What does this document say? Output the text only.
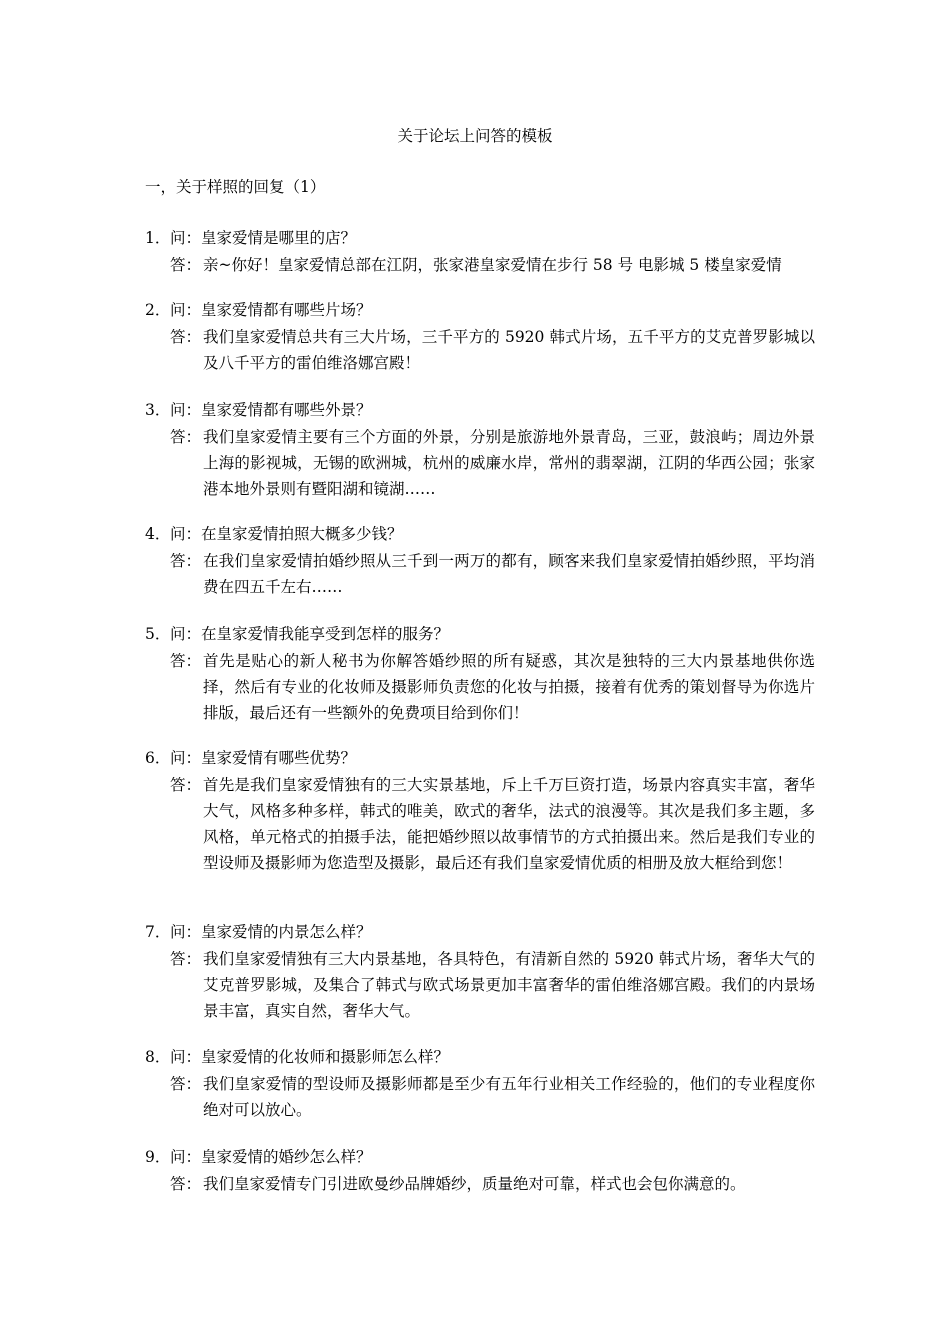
关于论坛上问答的模板
一，关于样照的回复（1）
1． 问：皇家爱情是哪里的店？
答： 亲~你好！皇家爱情总部在江阴，张家港皇家爱情在步行 58 号 电影城 5 楼皇家爱情
2． 问：皇家爱情都有哪些片场？
答： 我们皇家爱情总共有三大片场，三千平方的 5920 韩式片场，五千平方的艾克普罗影城以及八千平方的雷伯维洛娜宫殿！
3． 问：皇家爱情都有哪些外景？
答： 我们皇家爱情主要有三个方面的外景，分别是旅游地外景青岛，三亚，鼓浪屿；周边外景上海的影视城，无锡的欧洲城，杭州的威廉水岸，常州的翡翠湖，江阴的华西公园；张家港本地外景则有暨阳湖和镜湖……
4． 问：在皇家爱情拍照大概多少钱？
答： 在我们皇家爱情拍婚纱照从三千到一两万的都有，顾客来我们皇家爱情拍婚纱照，平均消费在四五千左右……
5． 问：在皇家爱情我能享受到怎样的服务？
答： 首先是贴心的新人秘书为你解答婚纱照的所有疑惑，其次是独特的三大内景基地供你选择，然后有专业的化妆师及摄影师负责您的化妆与拍摄，接着有优秀的策划督导为你选片排版，最后还有一些额外的免费项目给到你们！
6． 问：皇家爱情有哪些优势？
答： 首先是我们皇家爱情独有的三大实景基地，斥上千万巨资打造，场景内容真实丰富，奢华大气，风格多种多样，韩式的唯美，欧式的奢华，法式的浪漫等。其次是我们多主题，多风格，单元格式的拍摄手法，能把婚纱照以故事情节的方式拍摄出来。然后是我们专业的型设师及摄影师为您造型及摄影，最后还有我们皇家爱情优质的相册及放大框给到您！
7． 问：皇家爱情的内景怎么样？
答： 我们皇家爱情独有三大内景基地，各具特色，有清新自然的 5920 韩式片场，奢华大气的艾克普罗影城，及集合了韩式与欧式场景更加丰富奢华的雷伯维洛娜宫殿。我们的内景场景丰富，真实自然，奢华大气。
8． 问：皇家爱情的化妆师和摄影师怎么样？
答： 我们皇家爱情的型设师及摄影师都是至少有五年行业相关工作经验的，他们的专业程度你绝对可以放心。
9． 问：皇家爱情的婚纱怎么样？
答： 我们皇家爱情专门引进欧曼纱品牌婚纱，质量绝对可靠，样式也会包你满意的。
